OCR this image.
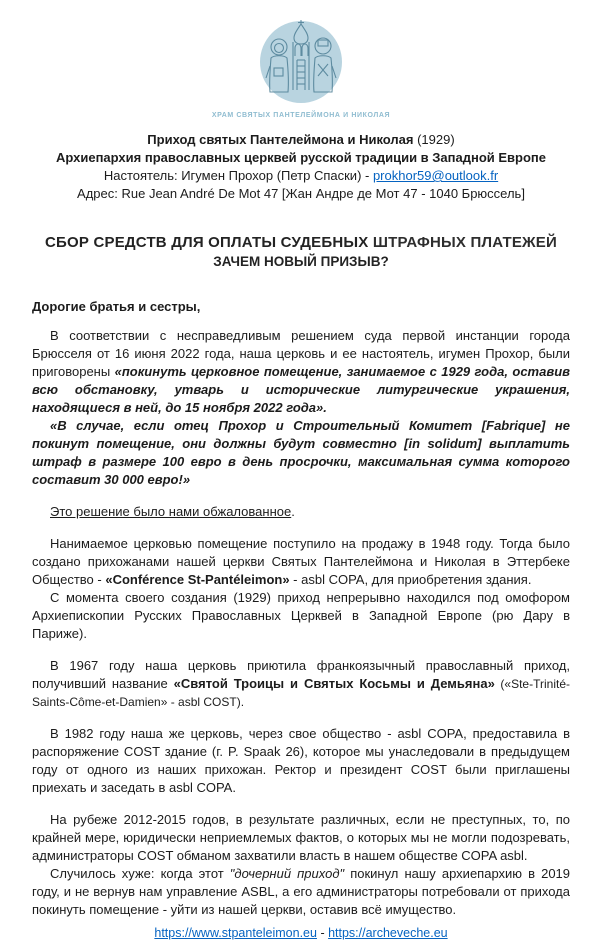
ХРАМ СВЯТЫХ ПАНТЕЛЕЙМОНА И НИКОЛАЯ
Приход святых Пантелеймона и Николая (1929)
Архиепархия православных церквей русской традиции в Западной Европе
Настоятель: Игумен Прохор (Петр Спаски) - prokhor59@outlook.fr
Адрес: Rue Jean André De Mot 47 [Жан Андре де Мот 47 - 1040 Брюссель]
СБОР СРЕДСТВ ДЛЯ ОПЛАТЫ СУДЕБНЫХ ШТРАФНЫХ ПЛАТЕЖЕЙ
ЗАЧЕМ НОВЫЙ ПРИЗЫВ?
Дорогие братья и сестры,

В соответствии с несправедливым решением суда первой инстанции города Брюсселя от 16 июня 2022 года, наша церковь и ее настоятель, игумен Прохор, были приговорены «покинуть церковное помещение, занимаемое с 1929 года, оставив всю обстановку, утварь и исторические литургические украшения, находящиеся в ней, до 15 ноября 2022 года».

«В случае, если отец Прохор и Строительный Комитет [Fabrique] не покинут помещение, они должны будут совместно [in solidum] выплатить штраф в размере 100 евро в день просрочки, максимальная сумма которого составит 30 000 евро!»

Это решение было нами обжалованное.

Нанимаемое церковью помещение поступило на продажу в 1948 году. Тогда было создано прихожанами нашей церкви Святых Пантелеймона и Николая в Эттербеке Общество - «Conférence St-Pantéleimon» - asbl COPA, для приобретения здания.

С момента своего создания (1929) приход непрерывно находился под омофором Архиепископии Русских Православных Церквей в Западной Европе (рю Дару в Париже).

В 1967 году наша церковь приютила франкоязычный православный приход, получивший название «Святой Троицы и Святых Косьмы и Демьяна» («Ste-Trinité-Saints-Côme-et-Damien» - asbl COST).

В 1982 году наша же церковь, через свое общество - asbl COPA, предоставила в распоряжение COST здание (г. P. Spaak 26), которое мы унаследовали в предыдущем году от одного из наших прихожан. Ректор и президент COST были приглашены приехать и заседать в asbl COPA.

На рубеже 2012-2015 годов, в результате различных, если не преступных, то, по крайней мере, юридически неприемлемых фактов, о которых мы не могли подозревать, администраторы COST обманом захватили власть в нашем обществе COPA asbl.

Случилось хуже: когда этот "дочерний приход" покинул нашу архиепархию в 2019 году, и не вернув нам управление ASBL, а его администраторы потребовали от прихода покинуть помещение - уйти из нашей церкви, оставив всё имущество.

https://www.stpanteleimon.eu - https://archeveche.eu
